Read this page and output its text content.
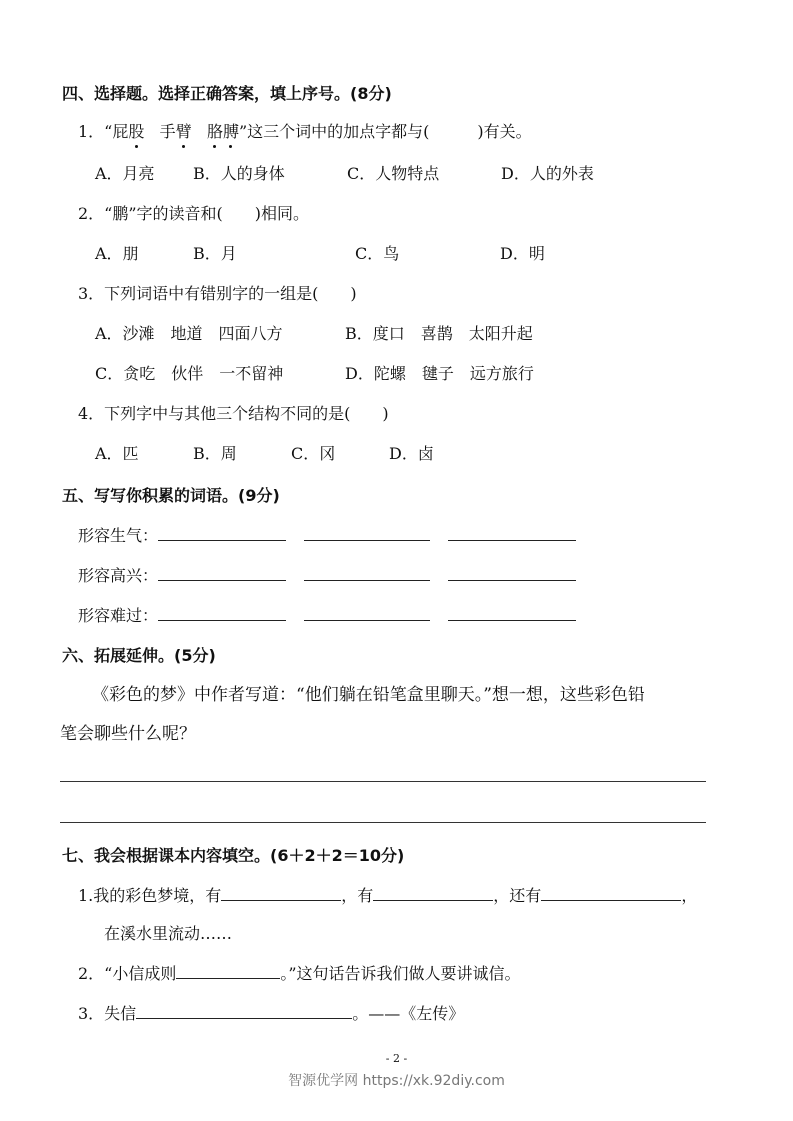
四、选择题。选择正确答案，填上序号。(8分)
1．“屁股 手臂 胳膊”这三个词中的加点字都与(　　　)有关。
A．月亮 B．人的身体	C．人物特点	D．人的外表
2．“鹏”字的读音和(　　)相同。
A．朋	B．月	C．鸟	D．明
3．下列词语中有错别字的一组是(　　)
A．沙滩　地道　四面八方	B．度口　喜鹊　太阳升起
C．贪吃　伙伴　一不留神	D．陀螺　毽子　远方旅行
4．下列字中与其他三个结构不同的是(　　)
A．匹	B．周	C．冈	D．卤
五、写写你积累的词语。(9分)
形容生气：
形容高兴：
形容难过：
六、拓展延伸。(5分)
《彩色的梦》中作者写道：“他们躺在铅笔盒里聊天。”想一想，这些彩色铅
笔会聊些什么呢？
七、我会根据课本内容填空。(6＋2＋2＝10分)
1.我的彩色梦境，有	，有	，还有	，
在溪水里流动……
2．“小信成则	。”这句话告诉我们做人要讲诚信。
3．失信	。——《左传》
- 2 -
智源优学网 https://xk.92diy.com
